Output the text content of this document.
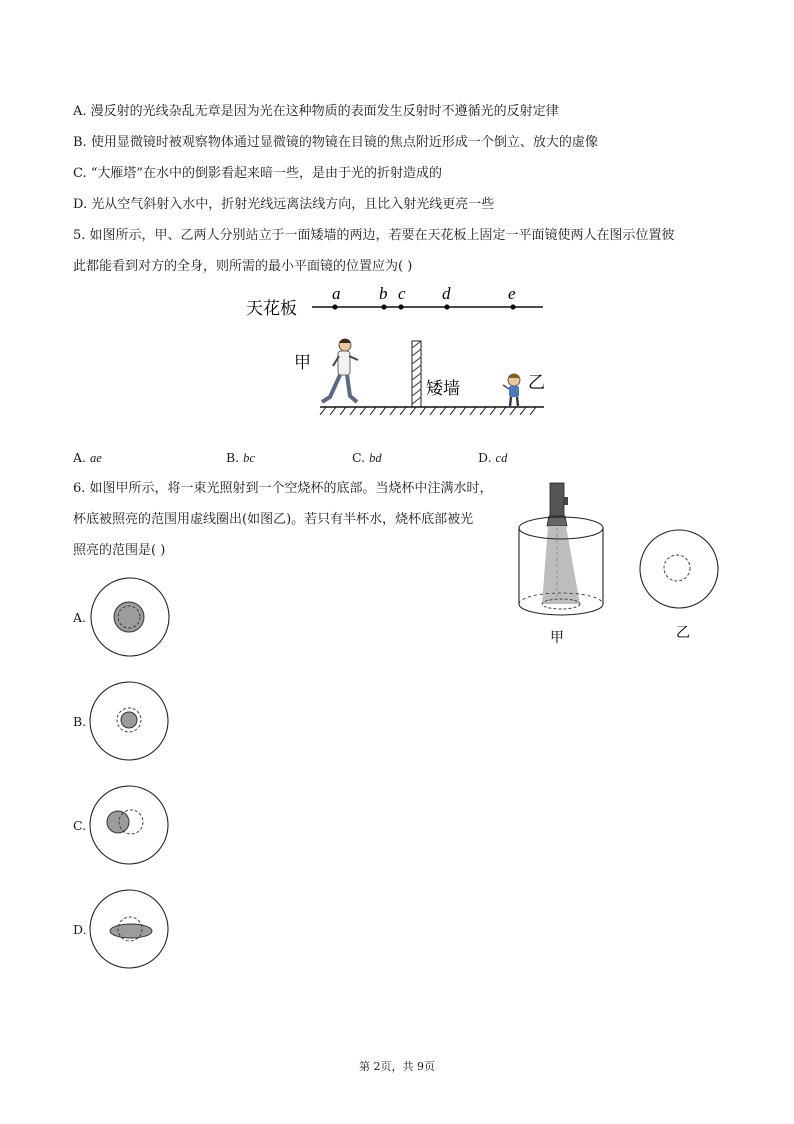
A. 漫反射的光线杂乱无章是因为光在这种物质的表面发生反射时不遵循光的反射定律
B. 使用显微镜时被观察物体通过显微镜的物镜在目镜的焦点附近形成一个倒立、放大的虚像
C. “大雁塔”在水中的倒影看起来暗一些，是由于光的折射造成的
D. 光从空气斜射入水中，折射光线远离法线方向，且比入射光线更亮一些
5. 如图所示，甲、乙两人分别站立于一面矮墙的两边，若要在天花板上固定一平面镜使两人在图示位置彼
此都能看到对方的全身，则所需的最小平面镜的位置应为( )
天花板
a b c d	e
甲
矮墙	乙
A. ae	B. bc	C. bd	D. cd
6. 如图甲所示，将一束光照射到一个空烧杯的底部。当烧杯中注满水时，
杯底被照亮的范围用虚线圈出(如图乙)。若只有半杯水，烧杯底部被光
照亮的范围是( )
甲	乙
A.
B.
C.
D.
第 2页，共 9页
